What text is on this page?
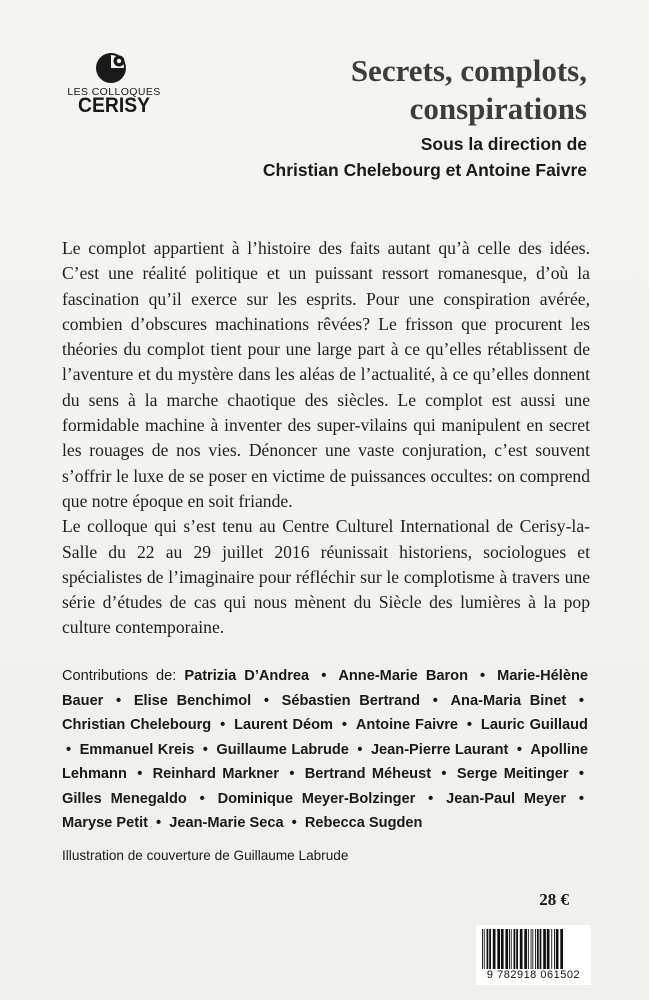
LES COLLOQUES
CERISY
Secrets, complots,
conspirations
Sous la direction de
Christian Chelebourg et Antoine Faivre

Le complot appartient à l’histoire des faits autant qu’à celle des idées. C’est une réalité politique et un puissant ressort romanesque, d’où la fascination qu’il exerce sur les esprits. Pour une conspiration avérée, combien d’obscures machinations rêvées? Le frisson que procurent les théories du complot tient pour une large part à ce qu’elles rétablissent de l’aventure et du mystère dans les aléas de l’actualité, à ce qu’elles donnent du sens à la marche chaotique des siècles. Le complot est aussi une formidable machine à inventer des super-vilains qui manipulent en secret les rouages de nos vies. Dénoncer une vaste conjuration, c’est souvent s’offrir le luxe de se poser en victime de puissances occultes: on comprend que notre époque en soit friande.

Le colloque qui s’est tenu au Centre Culturel International de Cerisy-la-Salle du 22 au 29 juillet 2016 réunissait historiens, sociologues et spécialistes de l’imaginaire pour réfléchir sur le complotisme à travers une série d’études de cas qui nous mènent du Siècle des lumières à la pop culture contemporaine.

Contributions de: Patrizia D’Andrea • Anne-Marie Baron • Marie-Hélène Bauer • Elise Benchimol • Sébastien Bertrand • Ana-Maria Binet • Christian Chelebourg • Laurent Déom • Antoine Faivre • Lauric Guillaud • Emmanuel Kreis • Guillaume Labrude • Jean-Pierre Laurant • Apolline Lehmann • Reinhard Markner • Bertrand Méheust • Serge Meitinger • Gilles Menegaldo • Dominique Meyer-Bolzinger • Jean-Paul Meyer • Maryse Petit • Jean-Marie Seca • Rebecca Sugden
Illustration de couverture de Guillaume Labrude
28 €
9 782918 061502
